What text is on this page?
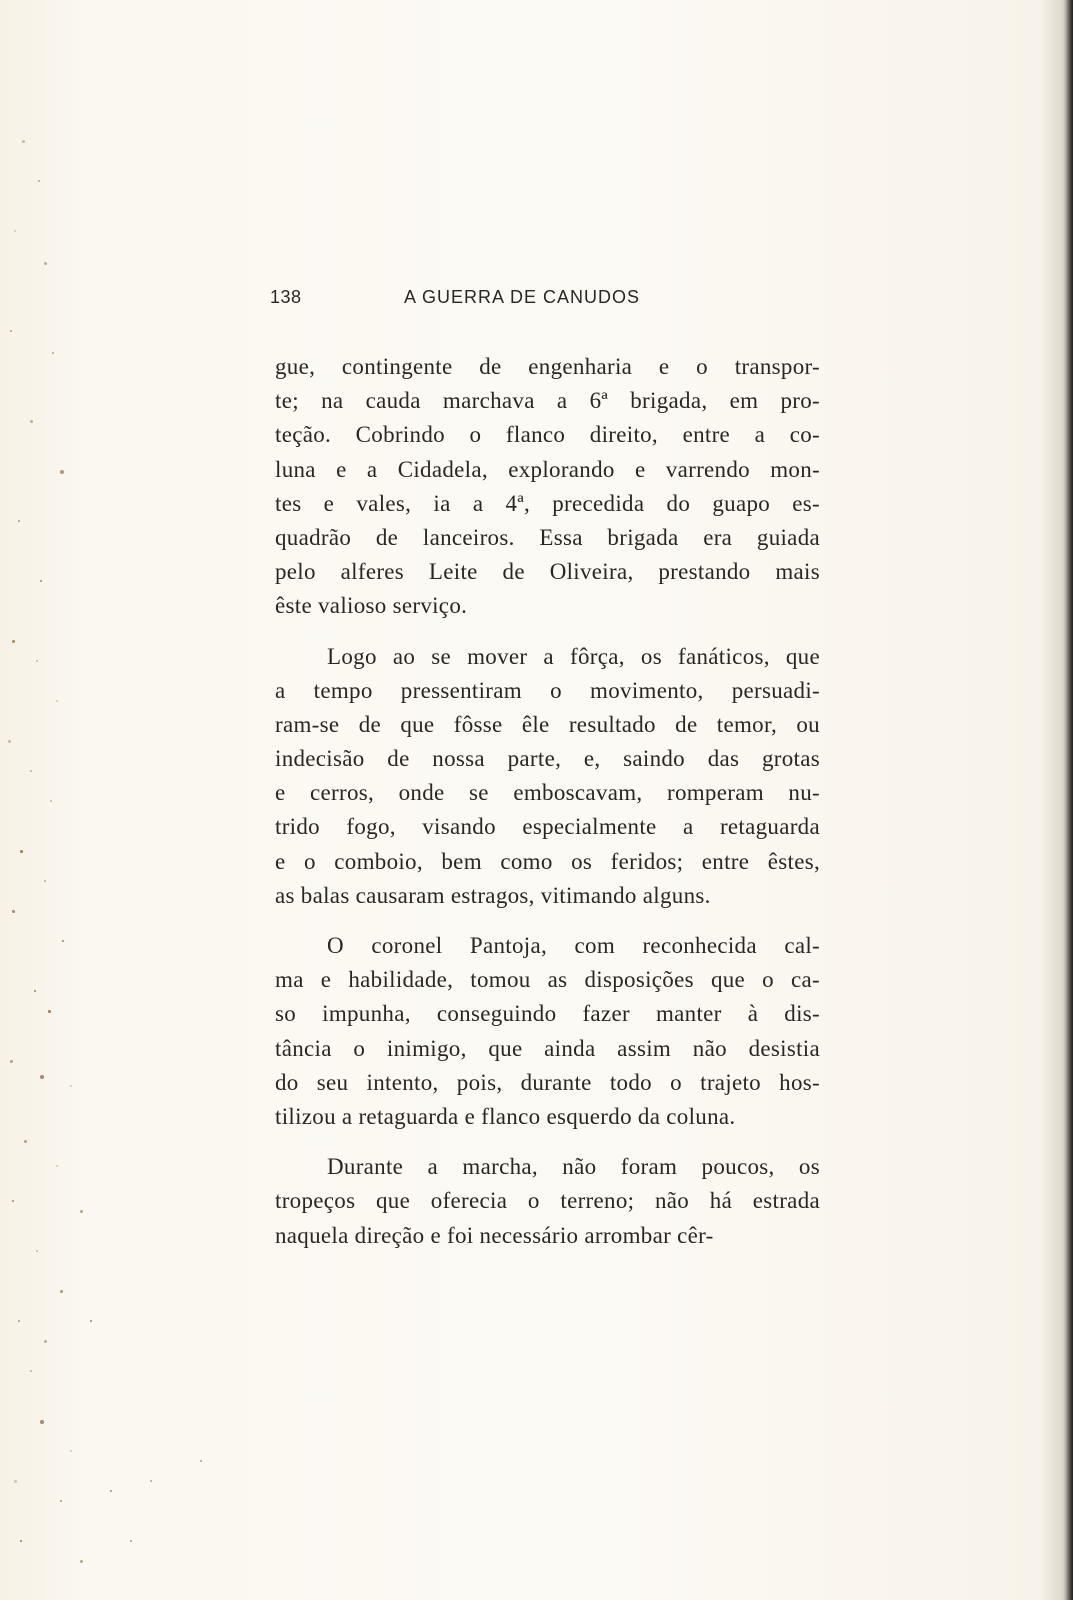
138	A GUERRA DE CANUDOS
gue, contingente de engenharia e o transpor-
te; na cauda marchava a 6ª brigada, em pro-
teção. Cobrindo o flanco direito, entre a co-
luna e a Cidadela, explorando e varrendo mon-
tes e vales, ia a 4ª, precedida do guapo es-
quadrão de lanceiros. Essa brigada era guiada
pelo alferes Leite de Oliveira, prestando mais
êste valioso serviço.
Logo ao se mover a fôrça, os fanáticos, que
a tempo pressentiram o movimento, persuadi-
ram-se de que fôsse êle resultado de temor, ou
indecisão de nossa parte, e, saindo das grotas
e cerros, onde se emboscavam, romperam nu-
trido fogo, visando especialmente a retaguarda
e o comboio, bem como os feridos; entre êstes,
as balas causaram estragos, vitimando alguns.
O coronel Pantoja, com reconhecida cal-
ma e habilidade, tomou as disposições que o ca-
so impunha, conseguindo fazer manter à dis-
tância o inimigo, que ainda assim não desistia
do seu intento, pois, durante todo o trajeto hos-
tilizou a retaguarda e flanco esquerdo da coluna.
Durante a marcha, não foram poucos, os
tropeços que oferecia o terreno; não há estrada
naquela direção e foi necessário arrombar cêr-
